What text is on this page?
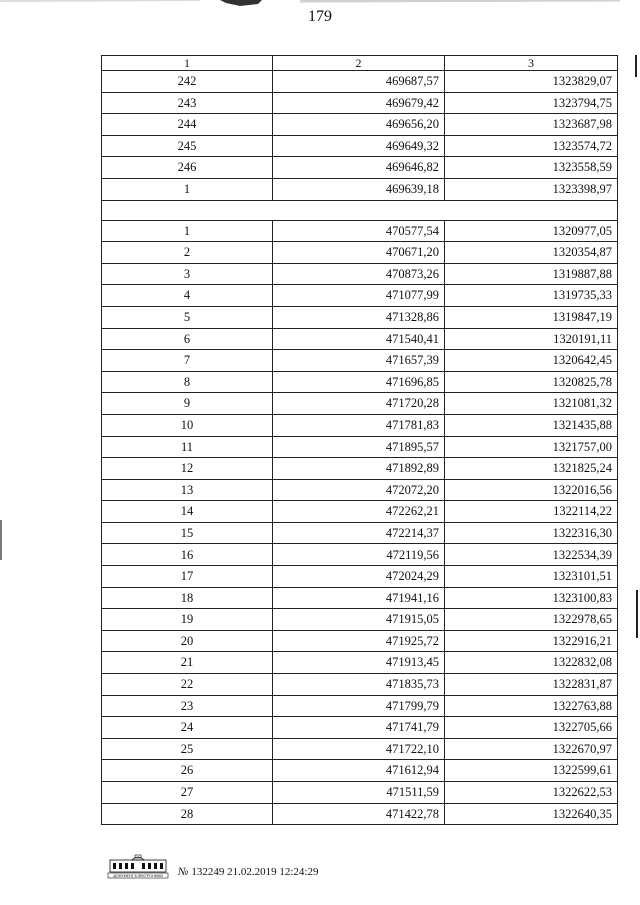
179
1	2	3
242	469687,57	1323829,07
243	469679,42	1323794,75
244	469656,20	1323687,98
245	469649,32	1323574,72
246	469646,82	1323558,59
1	469639,18	1323398,97

1	470577,54	1320977,05
2	470671,20	1320354,87
3	470873,26	1319887,88
4	471077,99	1319735,33
5	471328,86	1319847,19
6	471540,41	1320191,11
7	471657,39	1320642,45
8	471696,85	1320825,78
9	471720,28	1321081,32
10	471781,83	1321435,88
11	471895,57	1321757,00
12	471892,89	1321825,24
13	472072,20	1322016,56
14	472262,21	1322114,22
15	472214,37	1322316,30
16	472119,56	1322534,39
17	472024,29	1323101,51
18	471941,16	1323100,83
19	471915,05	1322978,65
20	471925,72	1322916,21
21	471913,45	1322832,08
22	471835,73	1322831,87
23	471799,79	1322763,88
24	471741,79	1322705,66
25	471722,10	1322670,97
26	471612,94	1322599,61
27	471511,59	1322622,53
28	471422,78	1322640,35
ДОКУМЕНТ·ЕЛЕКТРОННИЙ № 132249 21.02.2019 12:24:29
